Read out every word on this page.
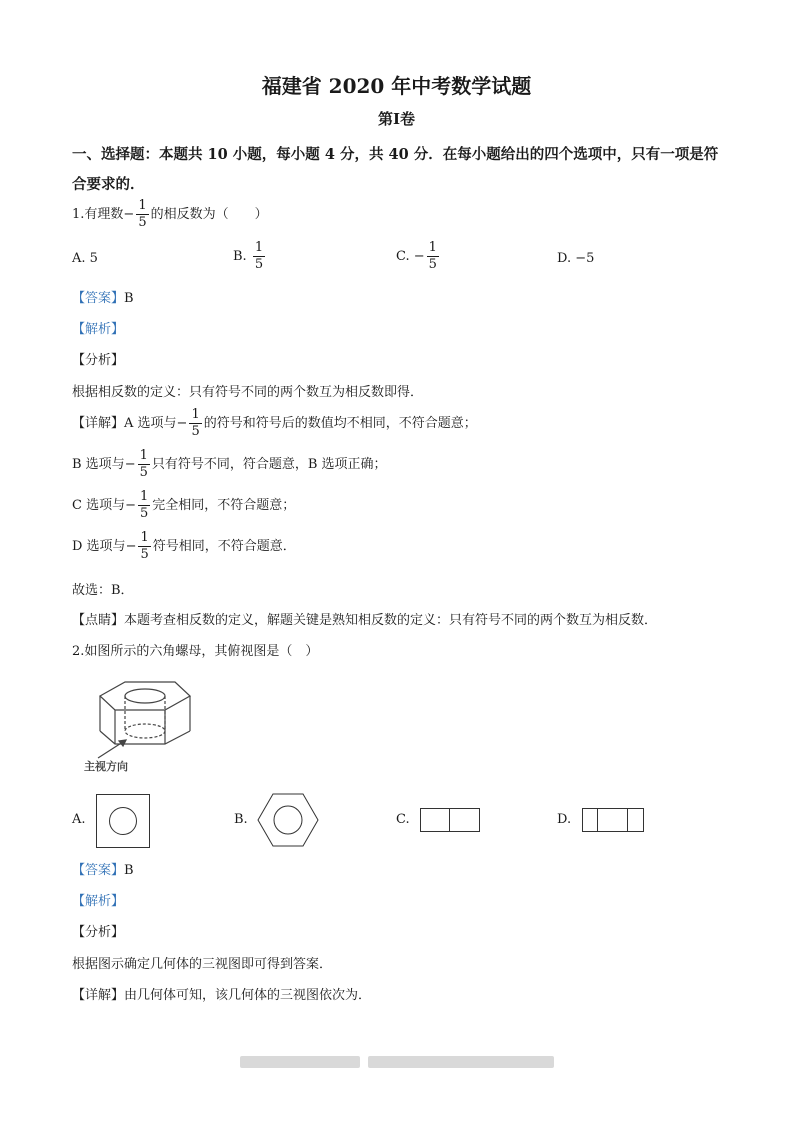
福建省 2020 年中考数学试题
第Ⅰ卷
一、选择题：本题共 10 小题，每小题 4 分，共 40 分．在每小题给出的四个选项中，只有一项是符合要求的．
1.有理数− $\frac{1}{5}$ 的相反数为（　　）
A. 5	B. $\frac{1}{5}$	C. − $\frac{1}{5}$	D. −5
【答案】B
【解析】
【分析】
根据相反数的定义：只有符号不同的两个数互为相反数即得．
【详解】A 选项与− $\frac{1}{5}$ 的符号和符号后的数值均不相同，不符合题意；
B 选项与− $\frac{1}{5}$ 只有符号不同，符合题意，B 选项正确；
C 选项与− $\frac{1}{5}$ 完全相同，不符合题意；
D 选项与− $\frac{1}{5}$ 符号相同，不符合题意．
故选：B．
【点睛】本题考查相反数的定义，解题关键是熟知相反数的定义：只有符号不同的两个数互为相反数．
2.如图所示的六角螺母，其俯视图是（　）
主视方向
A.	B.	C.	D.
【答案】B
【解析】
【分析】
根据图示确定几何体的三视图即可得到答案．
【详解】由几何体可知，该几何体的三视图依次为．
